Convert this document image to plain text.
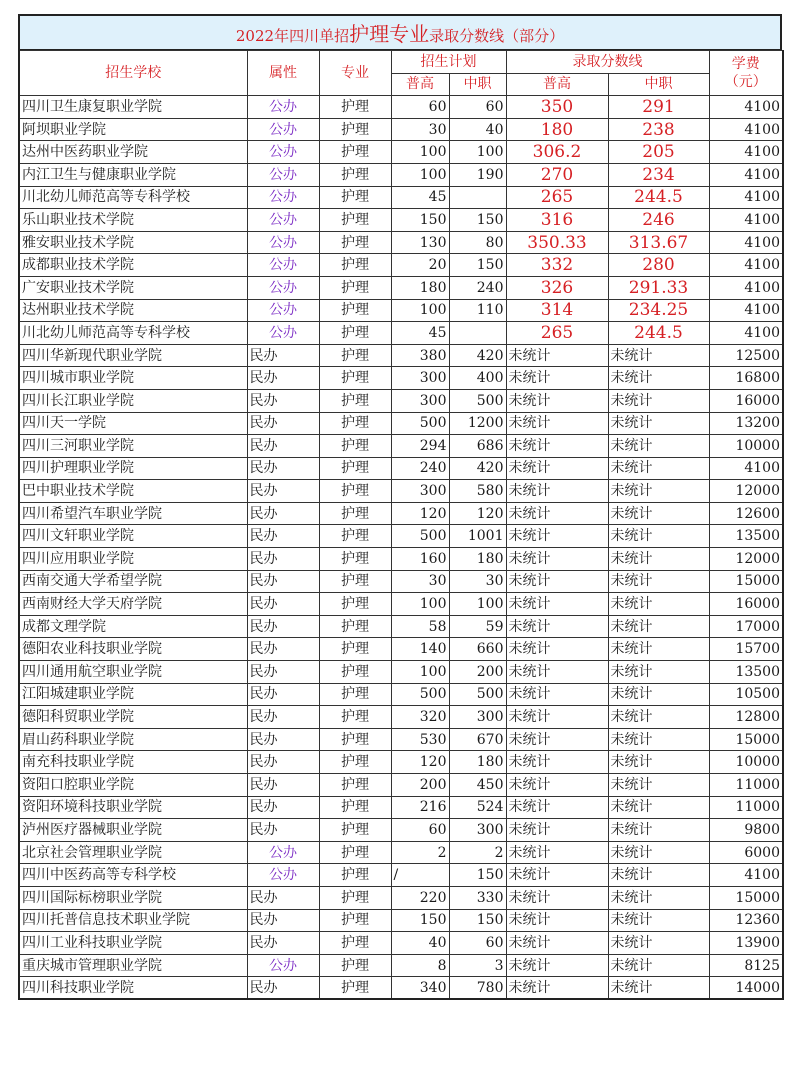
2022年四川单招护理专业录取分数线（部分）
招生学校	属性	专业	招生计划		录取分数线		学费
（元）

			普高	中职	普高	中职	
四川卫生康复职业学院	公办	护理	60	60	350	291	4100
阿坝职业学院	公办	护理	30	40	180	238	4100
达州中医药职业学院	公办	护理	100	100	306.2	205	4100
内江卫生与健康职业学院	公办	护理	100	190	270	234	4100
川北幼儿师范高等专科学校	公办	护理	45		265	244.5	4100
乐山职业技术学院	公办	护理	150	150	316	246	4100
雅安职业技术学院	公办	护理	130	80	350.33	313.67	4100
成都职业技术学院	公办	护理	20	150	332	280	4100
广安职业技术学院	公办	护理	180	240	326	291.33	4100
达州职业技术学院	公办	护理	100	110	314	234.25	4100
川北幼儿师范高等专科学校	公办	护理	45		265	244.5	4100
四川华新现代职业学院	民办	护理	380	420	未统计	未统计	12500
四川城市职业学院	民办	护理	300	400	未统计	未统计	16800
四川长江职业学院	民办	护理	300	500	未统计	未统计	16000
四川天一学院	民办	护理	500	1200	未统计	未统计	13200
四川三河职业学院	民办	护理	294	686	未统计	未统计	10000
四川护理职业学院	民办	护理	240	420	未统计	未统计	4100
巴中职业技术学院	民办	护理	300	580	未统计	未统计	12000
四川希望汽车职业学院	民办	护理	120	120	未统计	未统计	12600
四川文轩职业学院	民办	护理	500	1001	未统计	未统计	13500
四川应用职业学院	民办	护理	160	180	未统计	未统计	12000
西南交通大学希望学院	民办	护理	30	30	未统计	未统计	15000
西南财经大学天府学院	民办	护理	100	100	未统计	未统计	16000
成都文理学院	民办	护理	58	59	未统计	未统计	17000
德阳农业科技职业学院	民办	护理	140	660	未统计	未统计	15700
四川通用航空职业学院	民办	护理	100	200	未统计	未统计	13500
江阳城建职业学院	民办	护理	500	500	未统计	未统计	10500
德阳科贸职业学院	民办	护理	320	300	未统计	未统计	12800
眉山药科职业学院	民办	护理	530	670	未统计	未统计	15000
南充科技职业学院	民办	护理	120	180	未统计	未统计	10000
资阳口腔职业学院	民办	护理	200	450	未统计	未统计	11000
资阳环境科技职业学院	民办	护理	216	524	未统计	未统计	11000
泸州医疗器械职业学院	民办	护理	60	300	未统计	未统计	9800
北京社会管理职业学院	公办	护理	2	2	未统计	未统计	6000
四川中医药高等专科学校	公办	护理	/	150	未统计	未统计	4100
四川国际标榜职业学院	民办	护理	220	330	未统计	未统计	15000
四川托普信息技术职业学院	民办	护理	150	150	未统计	未统计	12360
四川工业科技职业学院	民办	护理	40	60	未统计	未统计	13900
重庆城市管理职业学院	公办	护理	8	3	未统计	未统计	8125
四川科技职业学院	民办	护理	340	780	未统计	未统计	14000
